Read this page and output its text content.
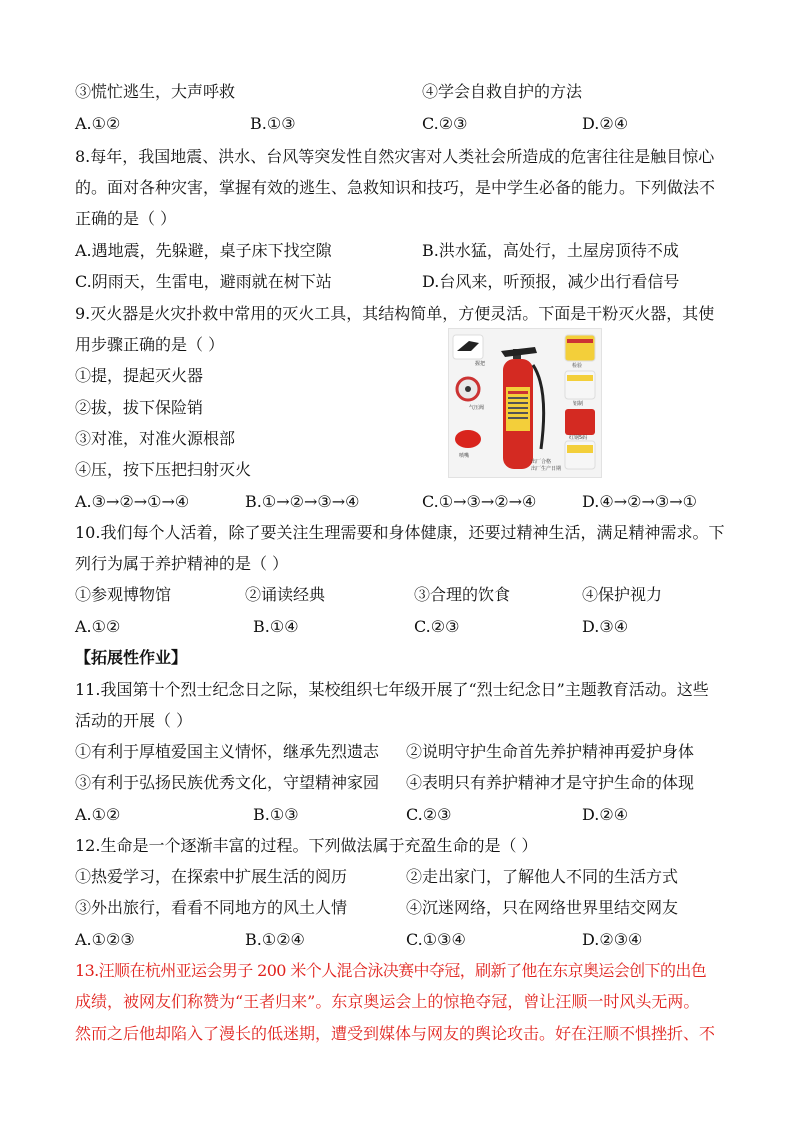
③慌忙逃生，大声呼救	④学会自救自护的方法
A.①②	B.①③	C.②③	D.②④
8.每年，我国地震、洪水、台风等突发性自然灾害对人类社会所造成的危害往往是触目惊心
的。面对各种灾害，掌握有效的逃生、急救知识和技巧，是中学生必备的能力。下列做法不
正确的是（ ）
A.遇地震，先躲避，桌子床下找空隙	B.洪水猛，高处行，土屋房顶待不成
C.阴雨天，生雷电，避雨就在树下站	D.台风来，听预报，减少出行看信号
9.灭火器是火灾扑救中常用的灭火工具，其结构简单，方便灵活。下面是干粉灭火器，其使
用步骤正确的是（ ）
①提，提起灭火器
②拔，拔下保险销
③对准，对准火源根部
④压，按下压把扫射灭火
握把
气压阀
喷嘴
检验
铝制
红钢5码
出厂合格
出厂生产日期
A.③→②→①→④	B.①→②→③→④	C.①→③→②→④	D.④→②→③→①
10.我们每个人活着，除了要关注生理需要和身体健康，还要过精神生活，满足精神需求。下
列行为属于养护精神的是（ ）
①参观博物馆	②诵读经典	③合理的饮食	④保护视力
A.①②	B.①④	C.②③	D.③④
【拓展性作业】
11.我国第十个烈士纪念日之际，某校组织七年级开展了“烈士纪念日”主题教育活动。这些
活动的开展（ ）
①有利于厚植爱国主义情怀，继承先烈遗志 ②说明守护生命首先养护精神再爱护身体
③有利于弘扬民族优秀文化，守望精神家园 ④表明只有养护精神才是守护生命的体现
A.①②	B.①③	C.②③	D.②④
12.生命是一个逐渐丰富的过程。下列做法属于充盈生命的是（ ）
①热爱学习，在探索中扩展生活的阅历	②走出家门，了解他人不同的生活方式
③外出旅行，看看不同地方的风土人情	④沉迷网络，只在网络世界里结交网友
A.①②③	B.①②④	C.①③④	D.②③④
13.汪顺在杭州亚运会男子 200 米个人混合泳决赛中夺冠，刷新了他在东京奥运会创下的出色
成绩，被网友们称赞为“王者归来”。东京奥运会上的惊艳夺冠，曾让汪顺一时风头无两。
然而之后他却陷入了漫长的低迷期，遭受到媒体与网友的舆论攻击。好在汪顺不惧挫折、不
